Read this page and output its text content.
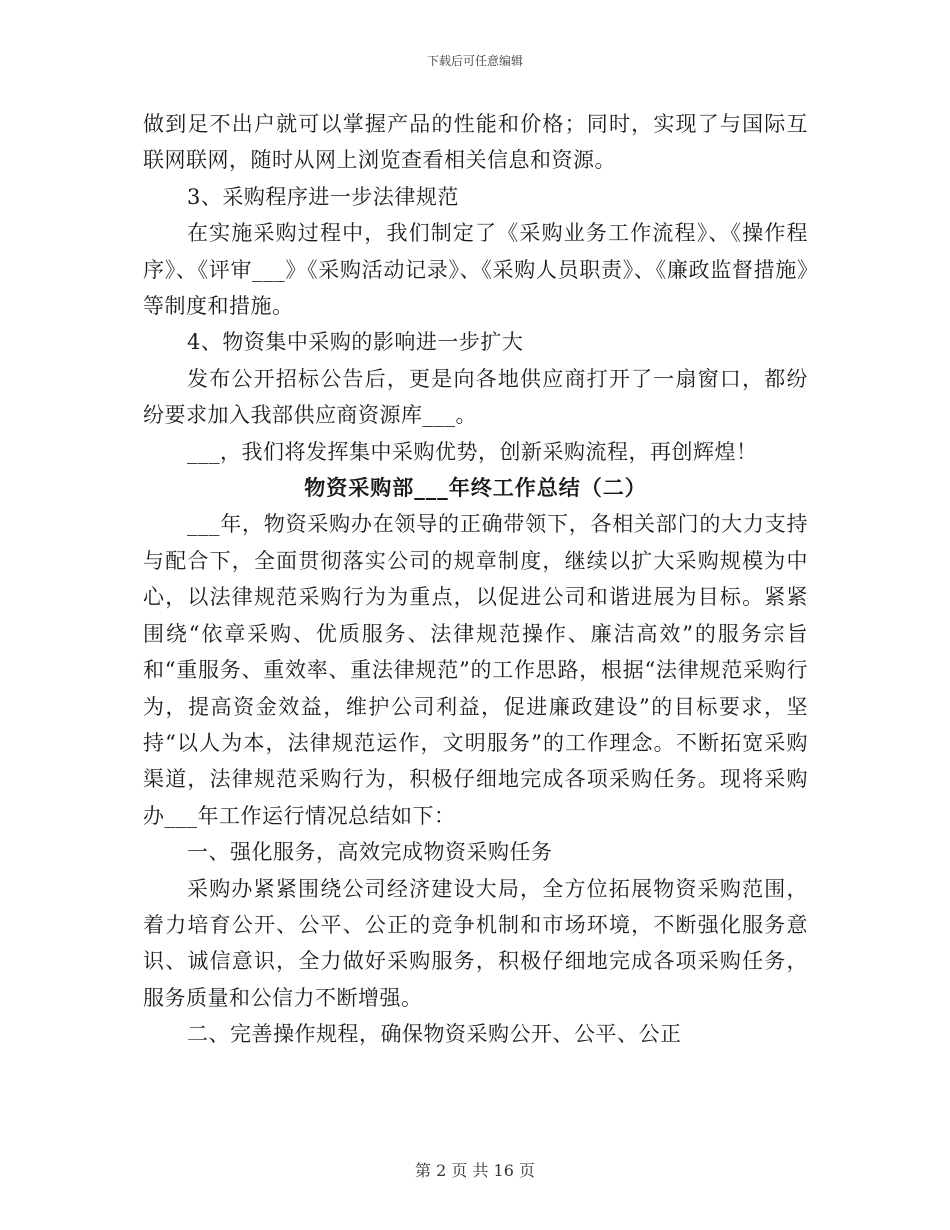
下载后可任意编辑

做到足不出户就可以掌握产品的性能和价格；同时，实现了与国际互联网联网，随时从网上浏览查看相关信息和资源。

3、采购程序进一步法律规范

在实施采购过程中，我们制定了《采购业务工作流程》、《操作程序》、《评审___》《采购活动记录》、《采购人员职责》、《廉政监督措施》等制度和措施。

4、物资集中采购的影响进一步扩大

发布公开招标公告后，更是向各地供应商打开了一扇窗口，都纷纷要求加入我部供应商资源库___。

___，我们将发挥集中采购优势，创新采购流程，再创辉煌！

物资采购部___年终工作总结（二）

___年，物资采购办在领导的正确带领下，各相关部门的大力支持与配合下，全面贯彻落实公司的规章制度，继续以扩大采购规模为中心，以法律规范采购行为为重点，以促进公司和谐进展为目标。紧紧围绕“依章采购、优质服务、法律规范操作、廉洁高效”的服务宗旨和“重服务、重效率、重法律规范”的工作思路，根据“法律规范采购行为，提高资金效益，维护公司利益，促进廉政建设”的目标要求，坚持“以人为本，法律规范运作，文明服务”的工作理念。不断拓宽采购渠道，法律规范采购行为，积极仔细地完成各项采购任务。现将采购办___年工作运行情况总结如下：

一、强化服务，高效完成物资采购任务

采购办紧紧围绕公司经济建设大局，全方位拓展物资采购范围，着力培育公开、公平、公正的竞争机制和市场环境，不断强化服务意识、诚信意识，全力做好采购服务，积极仔细地完成各项采购任务，服务质量和公信力不断增强。

二、完善操作规程，确保物资采购公开、公平、公正

第 2 页 共 16 页
